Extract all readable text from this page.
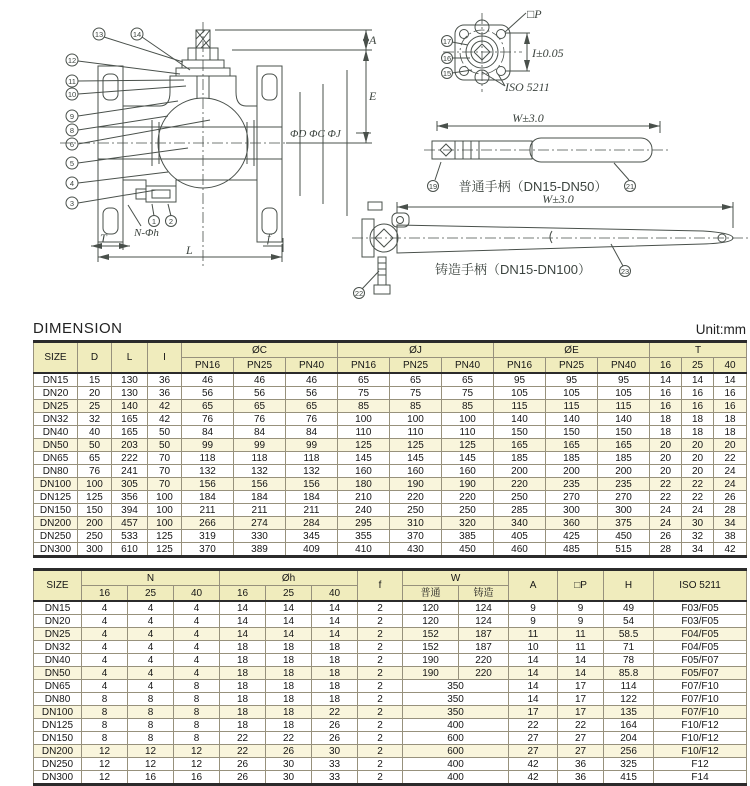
A
E
ΦD ΦC ΦJ
T	f
L
N-Φh
13	14
12
11
10
9
8
6
5
4
3
1 2
□P
I±0.05
ISO 5211
17
16
15
W±3.0
19	21
普通手柄（DN15-DN50）
W±3.0
22
23
铸造手柄（DN15-DN100）
DIMENSION	Unit:mm
SIZE	D	L	I	ØC			ØJ			ØE			T		
				PN16	PN25	PN40	PN16	PN25	PN40	PN16	PN25	PN40	16	25	40
DN15	15	130	36	46	46	46	65	65	65	95	95	95	14	14	14
DN20	20	130	36	56	56	56	75	75	75	105	105	105	16	16	16
DN25	25	140	42	65	65	65	85	85	85	115	115	115	16	16	16
DN32	32	165	42	76	76	76	100	100	100	140	140	140	18	18	18
DN40	40	165	50	84	84	84	110	110	110	150	150	150	18	18	18
DN50	50	203	50	99	99	99	125	125	125	165	165	165	20	20	20
DN65	65	222	70	118	118	118	145	145	145	185	185	185	20	20	22
DN80	76	241	70	132	132	132	160	160	160	200	200	200	20	20	24
DN100	100	305	70	156	156	156	180	190	190	220	235	235	22	22	24
DN125	125	356	100	184	184	184	210	220	220	250	270	270	22	22	26
DN150	150	394	100	211	211	211	240	250	250	285	300	300	24	24	28
DN200	200	457	100	266	274	284	295	310	320	340	360	375	24	30	34
DN250	250	533	125	319	330	345	355	370	385	405	425	450	26	32	38
DN300	300	610	125	370	389	409	410	430	450	460	485	515	28	34	42
SIZE	N			Øh			f	W		A	□P	H	ISO 5211
	16	25	40	16	25	40		普通	铸造				
DN15	4	4	4	14	14	14	2	120	124	9	9	49	F03/F05
DN20	4	4	4	14	14	14	2	120	124	9	9	54	F03/F05
DN25	4	4	4	14	14	14	2	152	187	11	11	58.5	F04/F05
DN32	4	4	4	18	18	18	2	152	187	10	11	71	F04/F05
DN40	4	4	4	18	18	18	2	190	220	14	14	78	F05/F07
DN50	4	4	4	18	18	18	2	190	220	14	14	85.8	F05/F07
DN65	4	4	8	18	18	18	2	350		14	17	114	F07/F10
DN80	8	8	8	18	18	18	2	350		14	17	122	F07/F10
DN100	8	8	8	18	18	22	2	350		17	17	135	F07/F10
DN125	8	8	8	18	18	26	2	400		22	22	164	F10/F12
DN150	8	8	8	22	22	26	2	600		27	27	204	F10/F12
DN200	12	12	12	22	26	30	2	600		27	27	256	F10/F12
DN250	12	12	12	26	30	33	2	400		42	36	325	F12
DN300	12	16	16	26	30	33	2	400		42	36	415	F14
